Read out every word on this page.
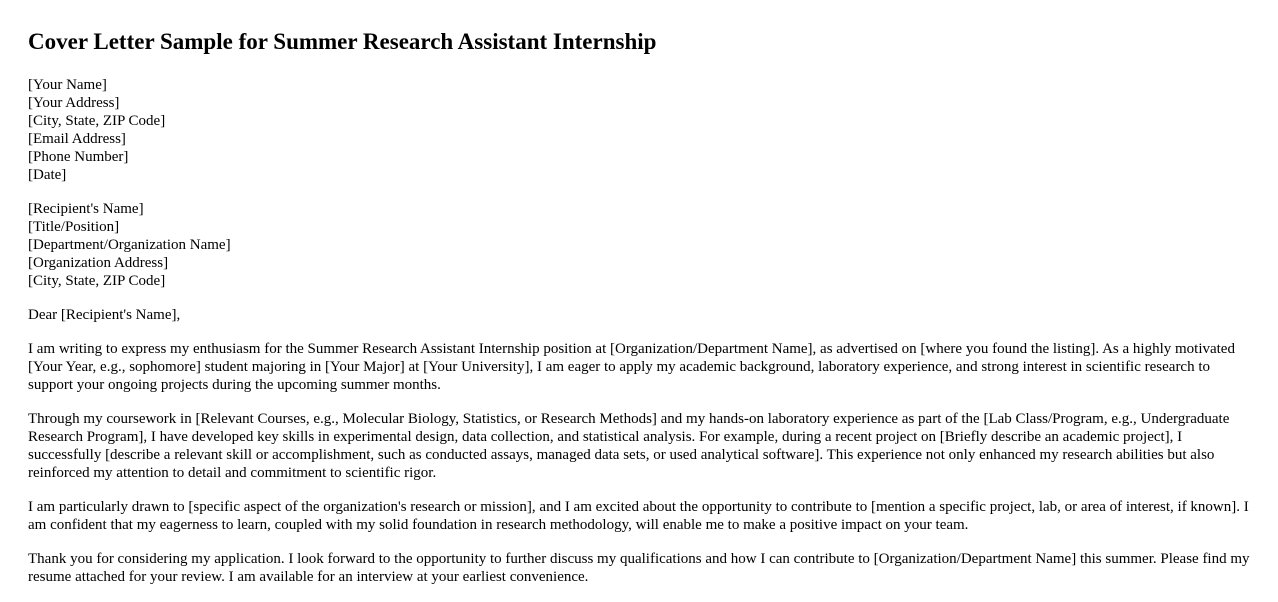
Cover Letter Sample for Summer Research Assistant Internship
[Your Name]
[Your Address]
[City, State, ZIP Code]
[Email Address]
[Phone Number]
[Date]
[Recipient's Name]
[Title/Position]
[Department/Organization Name]
[Organization Address]
[City, State, ZIP Code]

Dear [Recipient's Name],

I am writing to express my enthusiasm for the Summer Research Assistant Internship position at [Organization/Department Name], as advertised on [where you found the listing]. As a highly motivated [Your Year, e.g., sophomore] student majoring in [Your Major] at [Your University], I am eager to apply my academic background, laboratory experience, and strong interest in scientific research to support your ongoing projects during the upcoming summer months.

Through my coursework in [Relevant Courses, e.g., Molecular Biology, Statistics, or Research Methods] and my hands-on laboratory experience as part of the [Lab Class/Program, e.g., Undergraduate Research Program], I have developed key skills in experimental design, data collection, and statistical analysis. For example, during a recent project on [Briefly describe an academic project], I successfully [describe a relevant skill or accomplishment, such as conducted assays, managed data sets, or used analytical software]. This experience not only enhanced my research abilities but also reinforced my attention to detail and commitment to scientific rigor.

I am particularly drawn to [specific aspect of the organization's research or mission], and I am excited about the opportunity to contribute to [mention a specific project, lab, or area of interest, if known]. I am confident that my eagerness to learn, coupled with my solid foundation in research methodology, will enable me to make a positive impact on your team.

Thank you for considering my application. I look forward to the opportunity to further discuss my qualifications and how I can contribute to [Organization/Department Name] this summer. Please find my resume attached for your review. I am available for an interview at your earliest convenience.
